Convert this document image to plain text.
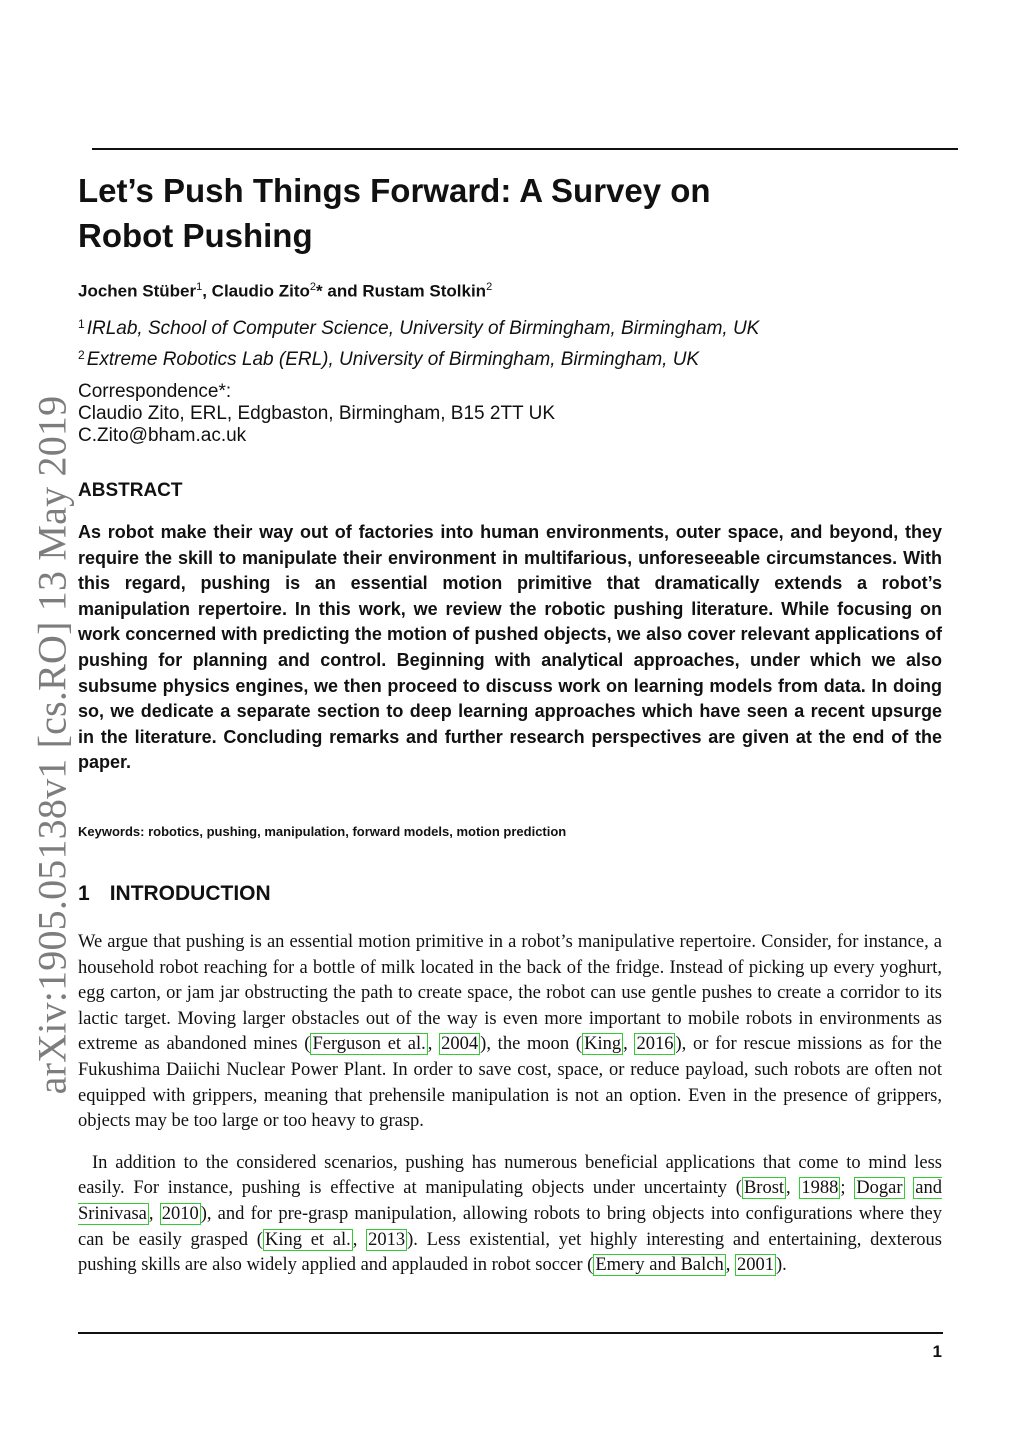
arXiv:1905.05138v1 [cs.RO] 13 May 2019
Let’s Push Things Forward: A Survey on
Robot Pushing
Jochen Stüber$^1$, Claudio Zito$^2$* and Rustam Stolkin$^2$
$^1$ IRLab, School of Computer Science, University of Birmingham, Birmingham, UK
$^2$ Extreme Robotics Lab (ERL), University of Birmingham, Birmingham, UK
Correspondence*:
Claudio Zito, ERL, Edgbaston, Birmingham, B15 2TT UK
C.Zito@bham.ac.uk
ABSTRACT

As robot make their way out of factories into human environments, outer space, and beyond, they require the skill to manipulate their environment in multifarious, unforeseeable circumstances. With this regard, pushing is an essential motion primitive that dramatically extends a robot’s manipulation repertoire. In this work, we review the robotic pushing literature. While focusing on work concerned with predicting the motion of pushed objects, we also cover relevant applications of pushing for planning and control. Beginning with analytical approaches, under which we also subsume physics engines, we then proceed to discuss work on learning models from data. In doing so, we dedicate a separate section to deep learning approaches which have seen a recent upsurge in the literature. Concluding remarks and further research perspectives are given at the end of the paper.

Keywords: robotics, pushing, manipulation, forward models, motion prediction
1 INTRODUCTION

We argue that pushing is an essential motion primitive in a robot’s manipulative repertoire. Consider, for instance, a household robot reaching for a bottle of milk located in the back of the fridge. Instead of picking up every yoghurt, egg carton, or jam jar obstructing the path to create space, the robot can use gentle pushes to create a corridor to its lactic target. Moving larger obstacles out of the way is even more important to mobile robots in environments as extreme as abandoned mines ( Ferguson et al. , 2004 ), the moon ( King , 2016 ), or for rescue missions as for the Fukushima Daiichi Nuclear Power Plant. In order to save cost, space, or reduce payload, such robots are often not equipped with grippers, meaning that prehensile manipulation is not an option. Even in the presence of grippers, objects may be too large or too heavy to grasp.

In addition to the considered scenarios, pushing has numerous beneficial applications that come to mind less easily. For instance, pushing is effective at manipulating objects under uncertainty ( Brost , 1988 ; Dogar and Srinivasa , 2010 ), and for pre-grasp manipulation, allowing robots to bring objects into configurations where they can be easily grasped ( King et al. , 2013 ). Less existential, yet highly interesting and entertaining, dexterous pushing skills are also widely applied and applauded in robot soccer ( Emery and Balch , 2001 ).

1
